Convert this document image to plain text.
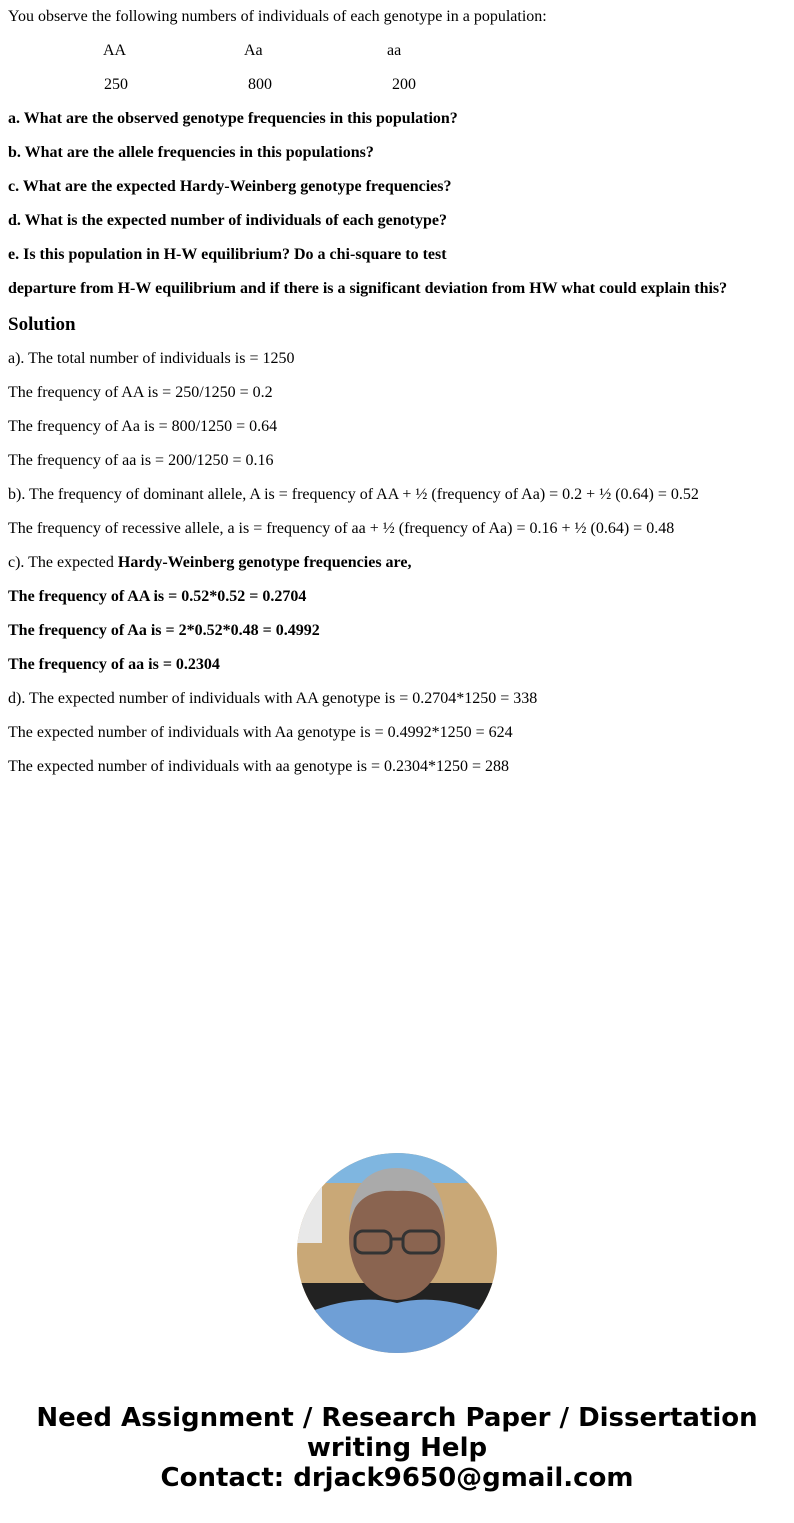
You observe the following numbers of individuals of each genotype in a population:

AA	Aa	aa

250	800	200

a. What are the observed genotype frequencies in this population?

b. What are the allele frequencies in this populations?

c. What are the expected Hardy-Weinberg genotype frequencies?

d. What is the expected number of individuals of each genotype?

e. Is this population in H-W equilibrium? Do a chi-square to test

departure from H-W equilibrium and if there is a significant deviation from HW what could explain this?

Solution

a). The total number of individuals is = 1250

The frequency of AA is = 250/1250 = 0.2

The frequency of Aa is = 800/1250 = 0.64

The frequency of aa is = 200/1250 = 0.16

b). The frequency of dominant allele, A is = frequency of AA + ½ (frequency of Aa) = 0.2 + ½ (0.64) = 0.52

The frequency of recessive allele, a is = frequency of aa + ½ (frequency of Aa) = 0.16 + ½ (0.64) = 0.48

c). The expected Hardy-Weinberg genotype frequencies are,

The frequency of AA is = 0.52*0.52 = 0.2704

The frequency of Aa is = 2*0.52*0.48 = 0.4992

The frequency of aa is = 0.2304

d). The expected number of individuals with AA genotype is = 0.2704*1250 = 338

The expected number of individuals with Aa genotype is = 0.4992*1250 = 624

The expected number of individuals with aa genotype is = 0.2304*1250 = 288

Need Assignment / Research Paper / Dissertation
writing Help
Contact: drjack9650@gmail.com
